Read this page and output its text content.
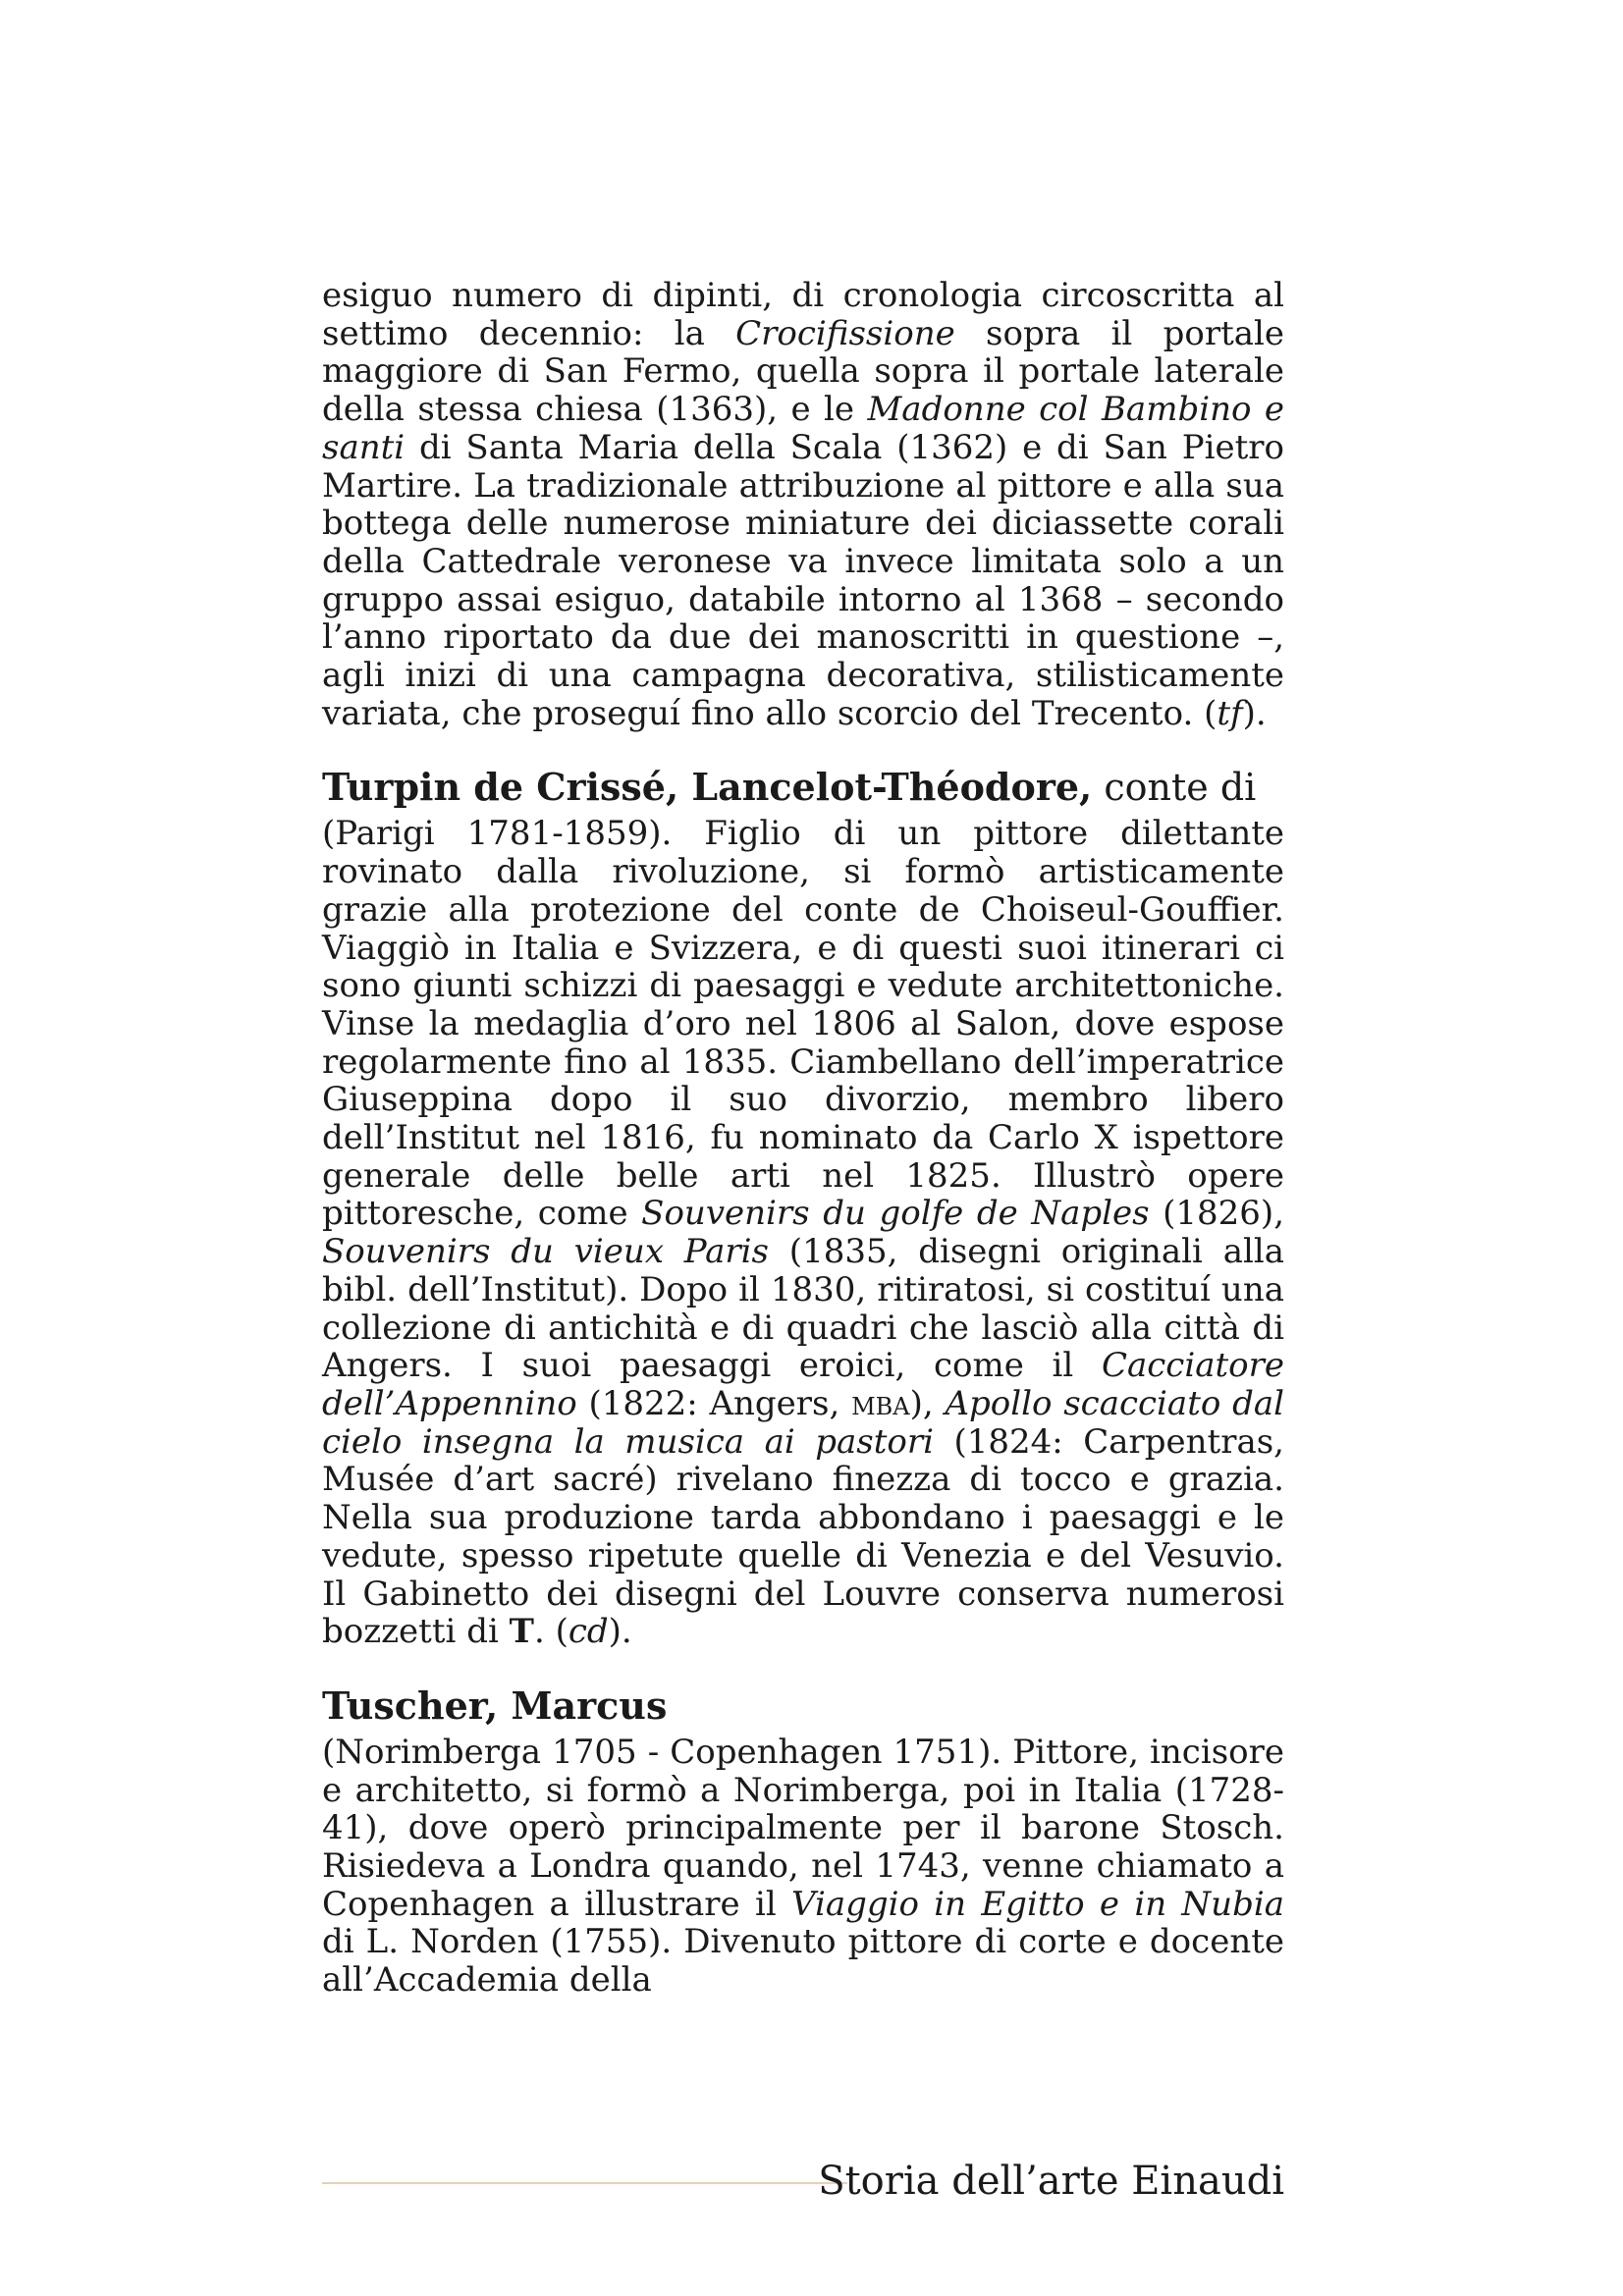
esiguo numero di dipinti, di cronologia circoscritta al settimo decennio: la Crocifissione sopra il portale maggiore di San Fermo, quella sopra il portale laterale della stessa chiesa (1363), e le Madonne col Bambino e santi di Santa Maria della Scala (1362) e di San Pietro Martire. La tradizionale attribuzione al pittore e alla sua bottega delle numerose miniature dei diciassette corali della Cattedrale veronese va invece limitata solo a un gruppo assai esiguo, databile intorno al 1368 – secondo l’anno riportato da due dei manoscritti in questione –, agli inizi di una campagna decorativa, stilisticamente variata, che proseguí fino allo scorcio del Trecento. (tf).

Turpin de Crissé, Lancelot-Théodore, conte di

(Parigi 1781-1859). Figlio di un pittore dilettante rovinato dalla rivoluzione, si formò artisticamente grazie alla protezione del conte de Choiseul-Gouffier. Viaggiò in Italia e Svizzera, e di questi suoi itinerari ci sono giunti schizzi di paesaggi e vedute architettoniche. Vinse la medaglia d’oro nel 1806 al Salon, dove espose regolarmente fino al 1835. Ciambellano dell’imperatrice Giuseppina dopo il suo divorzio, membro libero dell’Institut nel 1816, fu nominato da Carlo X ispettore generale delle belle arti nel 1825. Illustrò opere pittoresche, come Souvenirs du golfe de Naples (1826), Souvenirs du vieux Paris (1835, disegni originali alla bibl. dell’Institut). Dopo il 1830, ritiratosi, si costituí una collezione di antichità e di quadri che lasciò alla città di Angers. I suoi paesaggi eroici, come il Cacciatore dell’Appennino (1822: Angers, mba), Apollo scacciato dal cielo insegna la musica ai pastori (1824: Carpentras, Musée d’art sacré) rivelano finezza di tocco e grazia. Nella sua produzione tarda abbondano i paesaggi e le vedute, spesso ripetute quelle di Venezia e del Vesuvio. Il Gabinetto dei disegni del Louvre conserva numerosi bozzetti di T. (cd).

Tuscher, Marcus

(Norimberga 1705 - Copenhagen 1751). Pittore, incisore e architetto, si formò a Norimberga, poi in Italia (1728-41), dove operò principalmente per il barone Stosch. Risiedeva a Londra quando, nel 1743, venne chiamato a Copenhagen a illustrare il Viaggio in Egitto e in Nubia di L. Norden (1755). Divenuto pittore di corte e docente all’Accademia della

Storia dell’arte Einaudi
